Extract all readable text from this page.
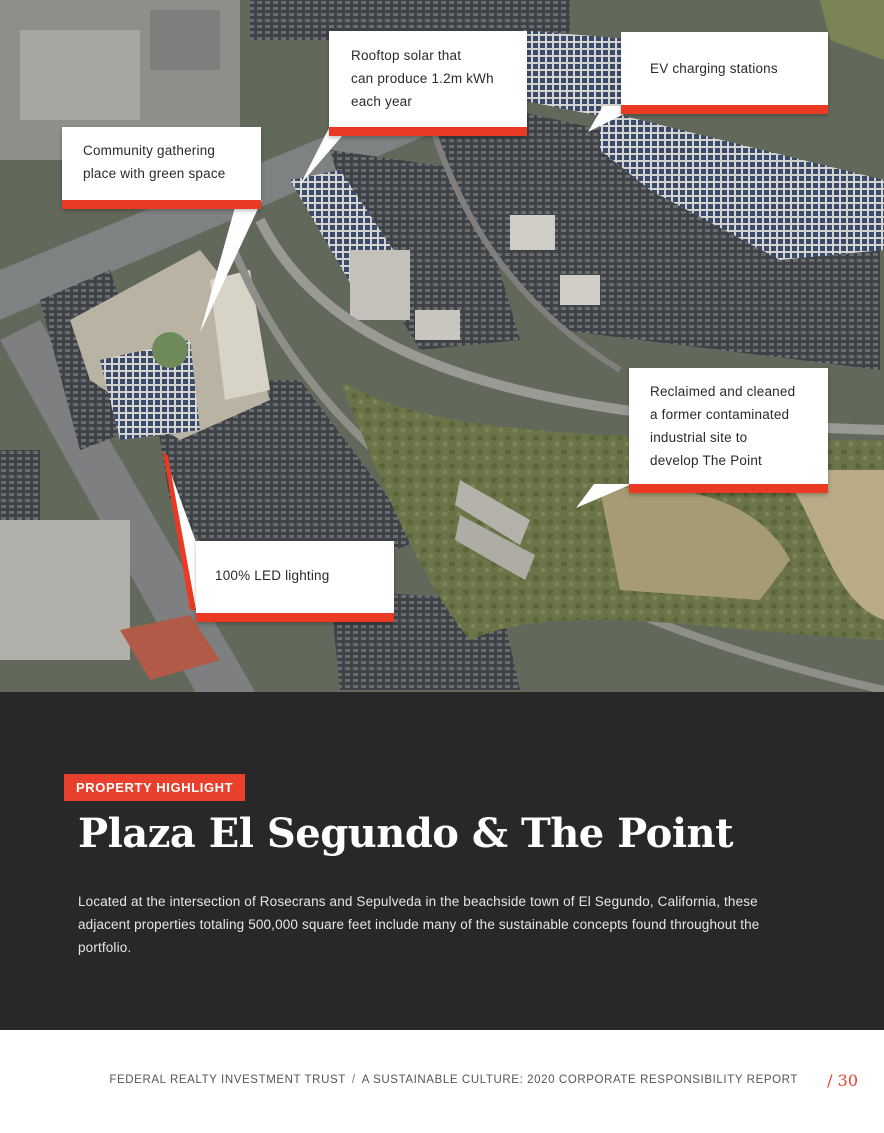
Rooftop solar that
can produce 1.2m kWh
each year
EV charging stations
Community gathering
place with green space
Reclaimed and cleaned
a former contaminated
industrial site to
develop The Point
100% LED lighting
PROPERTY HIGHLIGHT
Plaza El Segundo & The Point

Located at the intersection of Rosecrans and Sepulveda in the beachside town of El Segundo, California, these adjacent properties totaling 500,000 square feet include many of the sustainable concepts found throughout the portfolio.

FEDERAL REALTY INVESTMENT TRUST / A SUSTAINABLE CULTURE: 2020 CORPORATE RESPONSIBILITY REPORT / 30
